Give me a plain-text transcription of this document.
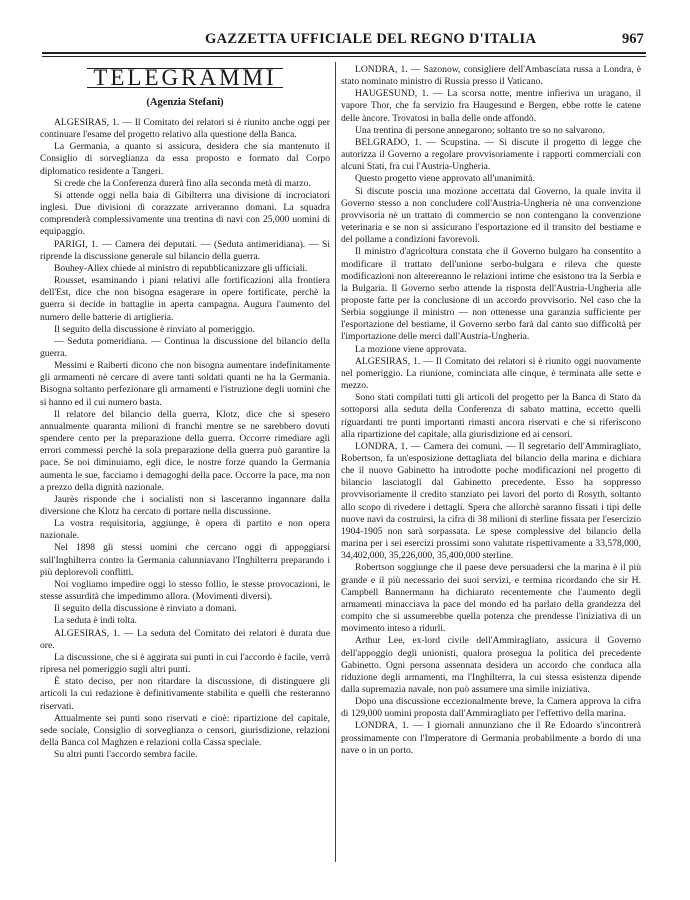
GAZZETTA UFFICIALE DEL REGNO D'ITALIA	967
TELEGRAMMI
(Agenzia Stefani)

ALGESIRAS, 1. — Il Comitato dei relatori si è riunito anche oggi per continuare l'esame del progetto relativo alla questione della Banca.

La Germania, a quanto si assicura, desidera che sia mantenuto il Consiglio di sorveglianza da essa proposto e formato dal Corpo diplomatico residente a Tangeri.

Si crede che la Conferenza durerà fino alla seconda metà di marzo.

Si attende oggi nella baia di Gibilterra una divisione di incrociatori inglesi. Due divisioni di corazzate arriveranno domani. La squadra comprenderà complessivamente una trentina di navi con 25,000 uomini di equipaggio.

PARIGI, 1. — Camera dei deputati. — (Seduta antimeridiana). — Si riprende la discussione generale sul bilancio della guerra.

Bouhey-Allex chiede al ministro di repubblicanizzare gli ufficiali.

Rousset, esaminando i piani relativi alle fortificazioni alla frontiera dell'Est, dice che non bisogna esagerare in opere fortificate, perchè la guerra si decide in battaglie in aperta campagna. Augura l'aumento del numero delle batterie di artiglieria.

Il seguito della discussione è rinviato al pomeriggio.

— Seduta pomeridiana. — Continua la discussione del bilancio della guerra.

Messimi e Raiberti dicono che non bisogna aumentare indefinitamente gli armamenti nè cercare di avere tanti soldati quanti ne ha la Germania. Bisogna soltanto perfezionare gli armamenti e l'istruzione degli uomini che si hanno ed il cui numero basta.

Il relatore del bilancio della guerra, Klotz, dice che si spesero annualmente quaranta milioni di franchi mentre se ne sarebbero dovuti spendere cento per la preparazione della guerra. Occorre rimediare agli errori commessi perchè la sola preparazione della guerra può garantire la pace. Se noi diminuiamo, egli dice, le nostre forze quando la Germania aumenta le sue, facciamo i demagoghi della pace. Occorre la pace, ma non a prezzo della dignità nazionale.

Jaurès risponde che i socialisti non si lasceranno ingannare dalla diversione che Klotz ha cercato di portare nella discussione.

La vostra requisitoria, aggiunge, è opera di partito e non opera nazionale.

Nel 1898 gli stessi uomini che cercano oggi di appoggiarsi sull'Inghilterra contro la Germania calunniavano l'Inghilterra preparando i più deplorevoli conflitti.

Noi vogliamo impedire oggi lo stesso follio, le stesse provocazioni, le stesse assurdità che impedimmo allora. (Movimenti diversi).

Il seguito della discussione è rinviato a domani.

La seduta è indi tolta.

ALGESIRAS, 1. — La seduta del Comitato dei relatori è durata due ore.

La discussione, che si è aggirata sui punti in cui l'accordo è facile, verrà ripresa nel pomeriggio sugli altri punti.

È stato deciso, per non ritardare la discussione, di distinguere gli articoli la cui redazione è definitivamente stabilita e quelli che resteranno riservati.

Attualmente sei punti sono riservati e cioè: ripartizione del capitale, sede sociale, Consiglio di sorveglianza o censori, giurisdizione, relazioni della Banca col Maghzen e relazioni colla Cassa speciale.

Su altri punti l'accordo sembra facile.

LONDRA, 1. — Sazonow, consigliere dell'Ambasciata russa a Londra, è stato nominato ministro di Russia presso il Vaticano.

HAUGESUND, 1. — La scorsa notte, mentre infieriva un uragano, il vapore Thor, che fa servizio fra Haugesund e Bergen, ebbe rotte le catene delle àncore. Trovatosi in balla delle onde affondò.

Una trentina di persone annegarono; soltanto tre so no salvarono.

BELGRADO, 1. — Scupstina. — Si discute il progetto di legge che autorizza il Governo a regolare provvisoriamente i rapporti commerciali con alcuni Stati, fra cui l'Austria-Ungheria.

Questo progetto viene approvato all'unanimità.

Si discute poscia una mozione accettata dal Governo, la quale invita il Governo stesso a non concludere coll'Austria-Ungheria nè una convenzione provvisoria nè un trattato di commercio se non contengano la convenzione veterinaria e se non si assicurano l'esportazione ed il transito del bestiame e del pollame a condizioni favorevoli.

Il ministro d'agricoltura constata che il Governo bulgaro ha consentito a modificare il trattato dell'unione serbo-bulgara e rileva che queste modificazioni non alterereanno le relazioni intime che esistono tra la Serbia e la Bulgaria. Il Governo serbo attende la risposta dell'Austria-Ungheria alle proposte fatte per la conclusione di un accordo provvisorio. Nel caso che la Serbia soggiunge il ministro — non ottenesse una garanzia sufficiente per l'esportazione del bestiame, il Governo serbo farà dal canto suo difficoltà per l'importazione delle merci dall'Austria-Ungheria.

La mozione viene approvata.

ALGESIRAS, 1. — Il Comitato dei relatori si è riunito oggi nuovamente nel pomeriggio. La riunione, cominciata alle cinque, è terminata alle sette e mezzo.

Sono stati compilati tutti gli articoli del progetto per la Banca di Stato da sottoporsi alla seduta della Conferenza di sabato mattina, eccetto quelli riguardanti tre punti importanti rimasti ancora riservati e che si riferiscono alla ripartizione del capitale, alla giurisdizione ed ai censori.

LONDRA, 1. — Camera dei comuni. — Il segretario dell'Ammiragliato, Robertson, fa un'esposizione dettagliata del bilancio della marina e dichiara che il nuovo Gabinetto ha introdotte poche modificazioni nel progetto di bilancio lasciatogli dal Gabinetto precedente. Esso ha soppresso provvisoriamente il credito stanziato pei lavori del porto di Rosyth, soltanto allo scopo di rivedere i dettagli. Spera che allorchè saranno fissati i tipi delle nuove navi da costruirsi, la cifra di 38 milioni di sterline fissata per l'esercizio 1904-1905 non sarà sorpassata. Le spese complessive del bilancio della marina per i sei esercizi prossimi sono valutate rispettivamente a 33,578,000, 34,402,000, 35,226,000, 35,400,000 sterline.

Robertson soggiunge che il paese deve persuadersi che la marina è il più grande e il più necessario dei suoi servizi, e termina ricordando che sir H. Campbell Bannermann ha dichiarato recentemente che l'aumento degli armamenti minacciava la pace del mondo ed ha parlato della grandezza del compito che si assumerebbe quella potenza che prendesse l'iniziativa di un movimento inteso a ridurli.

Arthur Lee, ex-lord civile dell'Ammiragliato, assicura il Governo dell'appoggio degli unionisti, qualora prosegua la politica del precedente Gabinetto. Ogni persona assennata desidera un accordo che conduca alla riduzione degli armamenti, ma l'Inghilterra, la cui stessa esistenza dipende dalla supremazia navale, non può assumere una simile iniziativa.

Dopo una discussione eccezionalmente breve, la Camera approva la cifra di 129,000 uomini proposta dall'Ammiragliato per l'effettivo della marina.

LONDRA, 1. — I giornali annunziano che il Re Edoardo s'incontrerà prossimamente con l'Imperatore di Germania probabilmente a bordo di una nave o in un porto.
